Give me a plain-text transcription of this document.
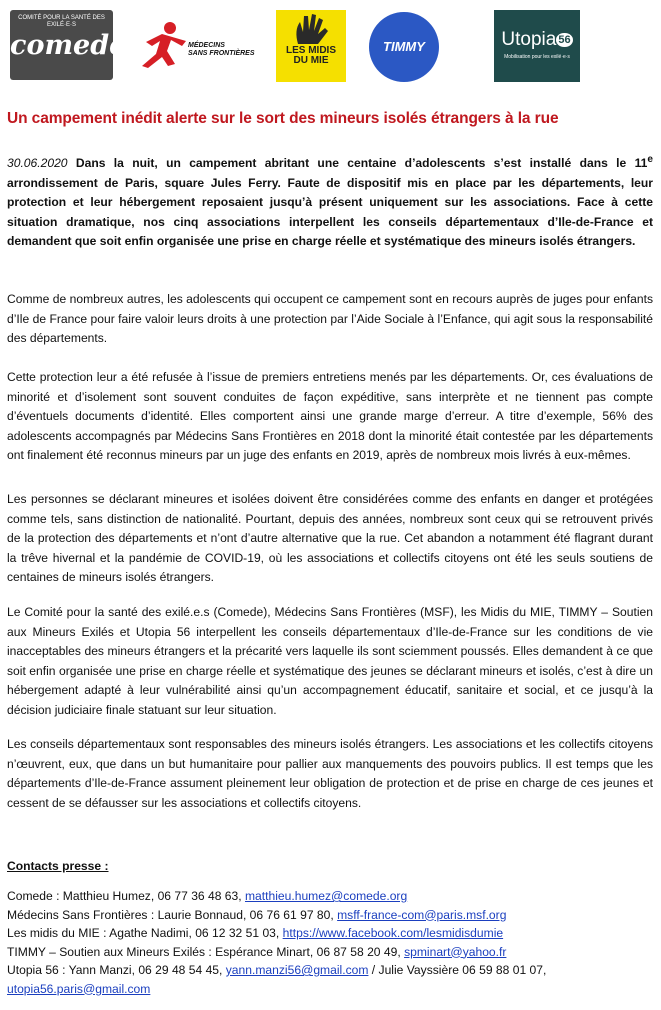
COMITÉ POUR LA SANTÉ DES EXILÉ·E·S
comede	MÉDECINS
SANS FRONTIÈRES	LES MIDIS
DU MIE
TIMMY	Utopia 56
Mobilisation pour les exilé·e·s
Un campement inédit alerte sur le sort des mineurs isolés étrangers à la rue

30.06.2020 Dans la nuit, un campement abritant une centaine d’adolescents s’est installé dans le 11e arrondissement de Paris, square Jules Ferry. Faute de dispositif mis en place par les départements, leur protection et leur hébergement reposaient jusqu’à présent uniquement sur les associations. Face à cette situation dramatique, nos cinq associations interpellent les conseils départementaux d’Ile-de-France et demandent que soit enfin organisée une prise en charge réelle et systématique des mineurs isolés étrangers.

Comme de nombreux autres, les adolescents qui occupent ce campement sont en recours auprès de juges pour enfants d’Ile de France pour faire valoir leurs droits à une protection par l’Aide Sociale à l’Enfance, qui agit sous la responsabilité des départements.

Cette protection leur a été refusée à l’issue de premiers entretiens menés par les départements. Or, ces évaluations de minorité et d’isolement sont souvent conduites de façon expéditive, sans interprète et ne tiennent pas compte d’éventuels documents d’identité. Elles comportent ainsi une grande marge d’erreur. A titre d’exemple, 56% des adolescents accompagnés par Médecins Sans Frontières en 2018 dont la minorité était contestée par les départements ont finalement été reconnus mineurs par un juge des enfants en 2019, après de nombreux mois livrés à eux-mêmes.

Les personnes se déclarant mineures et isolées doivent être considérées comme des enfants en danger et protégées comme tels, sans distinction de nationalité. Pourtant, depuis des années, nombreux sont ceux qui se retrouvent privés de la protection des départements et n’ont d’autre alternative que la rue. Cet abandon a notamment été flagrant durant la trêve hivernal et la pandémie de COVID-19, où les associations et collectifs citoyens ont été les seuls soutiens de centaines de mineurs isolés étrangers.

Le Comité pour la santé des exilé.e.s (Comede), Médecins Sans Frontières (MSF), les Midis du MIE, TIMMY – Soutien aux Mineurs Exilés et Utopia 56 interpellent les conseils départementaux d’Ile-de-France sur les conditions de vie inacceptables des mineurs étrangers et la précarité vers laquelle ils sont sciemment poussés. Elles demandent à ce que soit enfin organisée une prise en charge réelle et systématique des jeunes se déclarant mineurs et isolés, c’est à dire un hébergement adapté à leur vulnérabilité ainsi qu’un accompagnement éducatif, sanitaire et social, et ce jusqu’à la décision judiciaire finale statuant sur leur situation.

Les conseils départementaux sont responsables des mineurs isolés étrangers. Les associations et les collectifs citoyens n’œuvrent, eux, que dans un but humanitaire pour pallier aux manquements des pouvoirs publics. Il est temps que les départements d’Ile-de-France assument pleinement leur obligation de protection et de prise en charge de ces jeunes et cessent de se défausser sur les associations et collectifs citoyens.

Contacts presse :

Comede : Matthieu Humez, 06 77 36 48 63, matthieu.humez@comede.org
Médecins Sans Frontières : Laurie Bonnaud, 06 76 61 97 80, msff-france-com@paris.msf.org
Les midis du MIE : Agathe Nadimi, 06 12 32 51 03, https://www.facebook.com/lesmidisdumie
TIMMY – Soutien aux Mineurs Exilés : Espérance Minart, 06 87 58 20 49, spminart@yahoo.fr
Utopia 56 : Yann Manzi, 06 29 48 54 45, yann.manzi56@gmail.com / Julie Vayssière 06 59 88 01 07,
utopia56.paris@gmail.com
